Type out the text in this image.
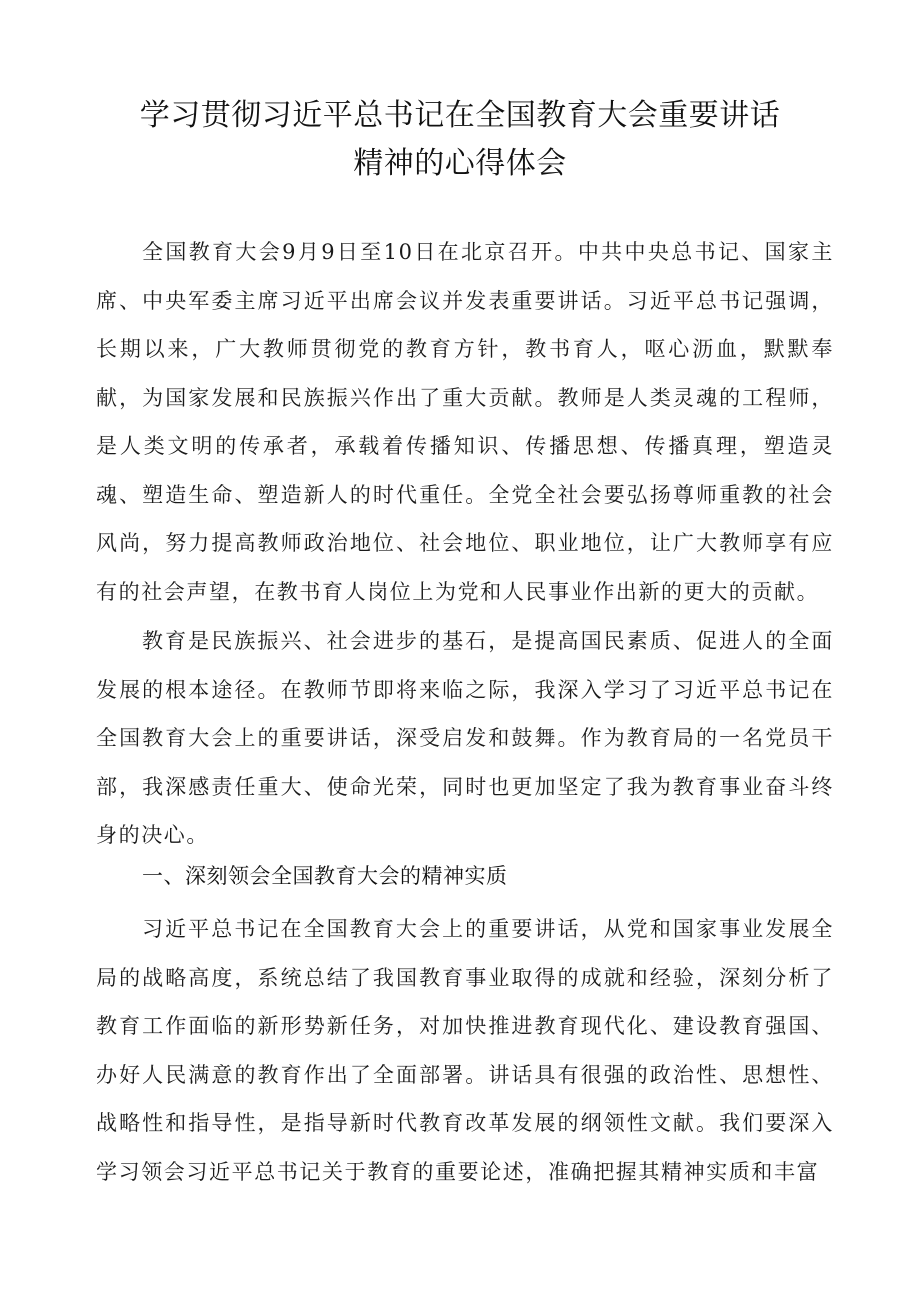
学习贯彻习近平总书记在全国教育大会重要讲话
精神的心得体会

全国教育大会9月9日至10日在北京召开。中共中央总书记、国家主席、中央军委主席习近平出席会议并发表重要讲话。习近平总书记强调，长期以来，广大教师贯彻党的教育方针，教书育人，呕心沥血，默默奉献，为国家发展和民族振兴作出了重大贡献。教师是人类灵魂的工程师，是人类文明的传承者，承载着传播知识、传播思想、传播真理，塑造灵魂、塑造生命、塑造新人的时代重任。全党全社会要弘扬尊师重教的社会风尚，努力提高教师政治地位、社会地位、职业地位，让广大教师享有应有的社会声望，在教书育人岗位上为党和人民事业作出新的更大的贡献。

教育是民族振兴、社会进步的基石，是提高国民素质、促进人的全面发展的根本途径。在教师节即将来临之际，我深入学习了习近平总书记在全国教育大会上的重要讲话，深受启发和鼓舞。作为教育局的一名党员干部，我深感责任重大、使命光荣，同时也更加坚定了我为教育事业奋斗终身的决心。

一、深刻领会全国教育大会的精神实质

习近平总书记在全国教育大会上的重要讲话，从党和国家事业发展全局的战略高度，系统总结了我国教育事业取得的成就和经验，深刻分析了教育工作面临的新形势新任务，对加快推进教育现代化、建设教育强国、办好人民满意的教育作出了全面部署。讲话具有很强的政治性、思想性、战略性和指导性，是指导新时代教育改革发展的纲领性文献。我们要深入学习领会习近平总书记关于教育的重要论述，准确把握其精神实质和丰富
